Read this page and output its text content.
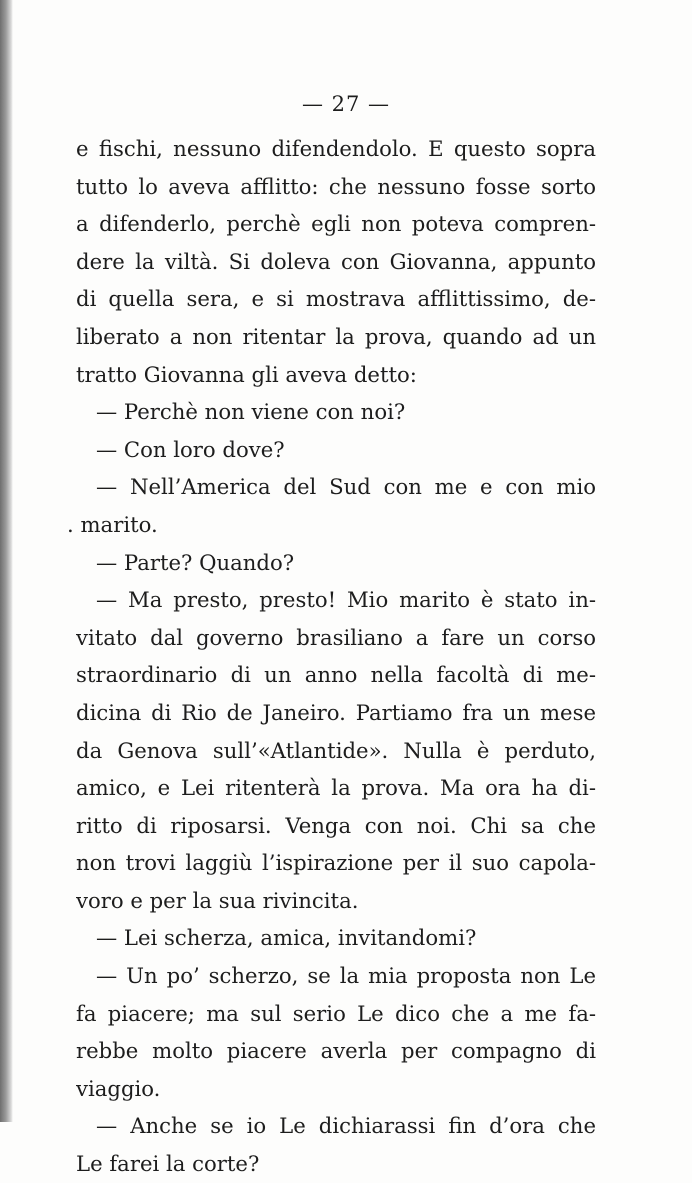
— 27 —
e fischi, nessuno difendendolo. E questo sopra
tutto lo aveva afflitto: che nessuno fosse sorto
a difenderlo, perchè egli non poteva compren-
dere la viltà. Si doleva con Giovanna, appunto
di quella sera, e si mostrava afflittissimo, de-
liberato a non ritentar la prova, quando ad un
tratto Giovanna gli aveva detto:
— Perchè non viene con noi?
— Con loro dove?
— Nell’America del Sud con me e con mio
. marito.
— Parte? Quando?
— Ma presto, presto! Mio marito è stato in-
vitato dal governo brasiliano a fare un corso
straordinario di un anno nella facoltà di me-
dicina di Rio de Janeiro. Partiamo fra un mese
da Genova sull’«Atlantide». Nulla è perduto,
amico, e Lei ritenterà la prova. Ma ora ha di-
ritto di riposarsi. Venga con noi. Chi sa che
non trovi laggiù l’ispirazione per il suo capola-
voro e per la sua rivincita.
— Lei scherza, amica, invitandomi?
— Un po’ scherzo, se la mia proposta non Le
fa piacere; ma sul serio Le dico che a me fa-
rebbe molto piacere averla per compagno di
viaggio.
— Anche se io Le dichiarassi fin d’ora che
Le farei la corte?
